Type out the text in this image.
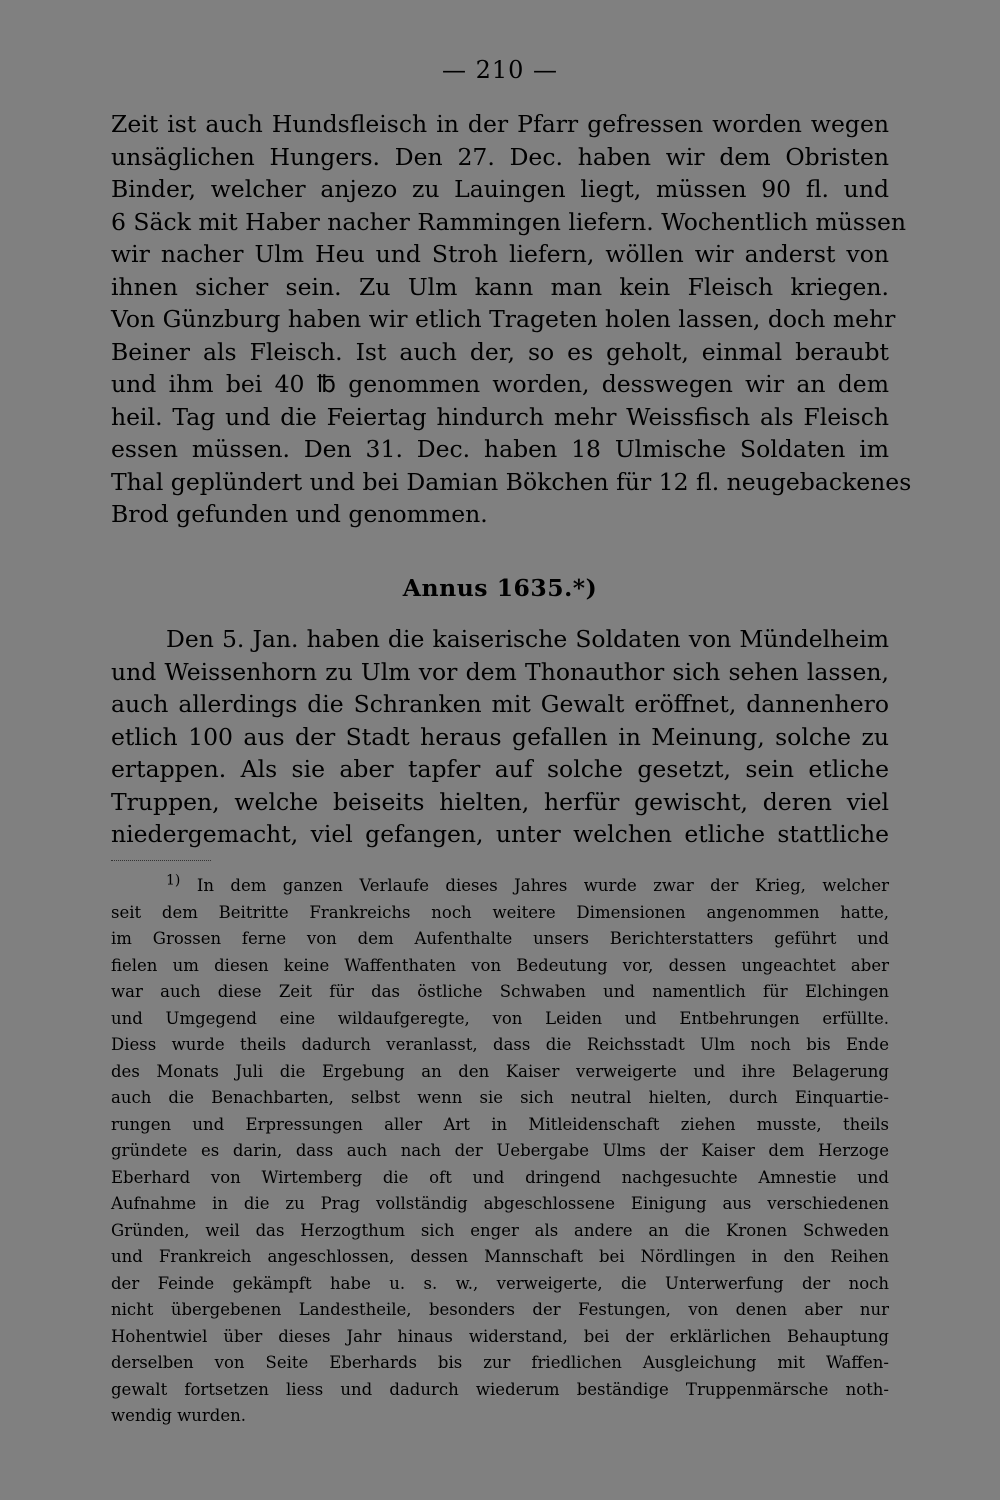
— 210 —
Zeit ist auch Hundsfleisch in der Pfarr gefressen worden wegen
unsäglichen Hungers. Den 27. Dec. haben wir dem Obristen
Binder, welcher anjezo zu Lauingen liegt, müssen 90 fl. und
6 Säck mit Haber nacher Rammingen liefern. Wochentlich müssen
wir nacher Ulm Heu und Stroh liefern, wöllen wir anderst von
ihnen sicher sein. Zu Ulm kann man kein Fleisch kriegen.
Von Günzburg haben wir etlich Trageten holen lassen, doch mehr
Beiner als Fleisch. Ist auch der, so es geholt, einmal beraubt
und ihm bei 40 ℔ genommen worden, desswegen wir an dem
heil. Tag und die Feiertag hindurch mehr Weissfisch als Fleisch
essen müssen. Den 31. Dec. haben 18 Ulmische Soldaten im
Thal geplündert und bei Damian Bökchen für 12 fl. neugebackenes
Brod gefunden und genommen.
Annus 1635.*)
Den 5. Jan. haben die kaiserische Soldaten von Mündelheim
und Weissenhorn zu Ulm vor dem Thonauthor sich sehen lassen,
auch allerdings die Schranken mit Gewalt eröffnet, dannenhero
etlich 100 aus der Stadt heraus gefallen in Meinung, solche zu
ertappen. Als sie aber tapfer auf solche gesetzt, sein etliche
Truppen, welche beiseits hielten, herfür gewischt, deren viel
niedergemacht, viel gefangen, unter welchen etliche stattliche
$^{1)}$ In dem ganzen Verlaufe dieses Jahres wurde zwar der Krieg, welcher
seit dem Beitritte Frankreichs noch weitere Dimensionen angenommen hatte,
im Grossen ferne von dem Aufenthalte unsers Berichterstatters geführt und
fielen um diesen keine Waffenthaten von Bedeutung vor, dessen ungeachtet aber
war auch diese Zeit für das östliche Schwaben und namentlich für Elchingen
und Umgegend eine wildaufgeregte, von Leiden und Entbehrungen erfüllte.
Diess wurde theils dadurch veranlasst, dass die Reichsstadt Ulm noch bis Ende
des Monats Juli die Ergebung an den Kaiser verweigerte und ihre Belagerung
auch die Benachbarten, selbst wenn sie sich neutral hielten, durch Einquartie-
rungen und Erpressungen aller Art in Mitleidenschaft ziehen musste, theils
gründete es darin, dass auch nach der Uebergabe Ulms der Kaiser dem Herzoge
Eberhard von Wirtemberg die oft und dringend nachgesuchte Amnestie und
Aufnahme in die zu Prag vollständig abgeschlossene Einigung aus verschiedenen
Gründen, weil das Herzogthum sich enger als andere an die Kronen Schweden
und Frankreich angeschlossen, dessen Mannschaft bei Nördlingen in den Reihen
der Feinde gekämpft habe u. s. w., verweigerte, die Unterwerfung der noch
nicht übergebenen Landestheile, besonders der Festungen, von denen aber nur
Hohentwiel über dieses Jahr hinaus widerstand, bei der erklärlichen Behauptung
derselben von Seite Eberhards bis zur friedlichen Ausgleichung mit Waffen-
gewalt fortsetzen liess und dadurch wiederum beständige Truppenmärsche noth-
wendig wurden.
